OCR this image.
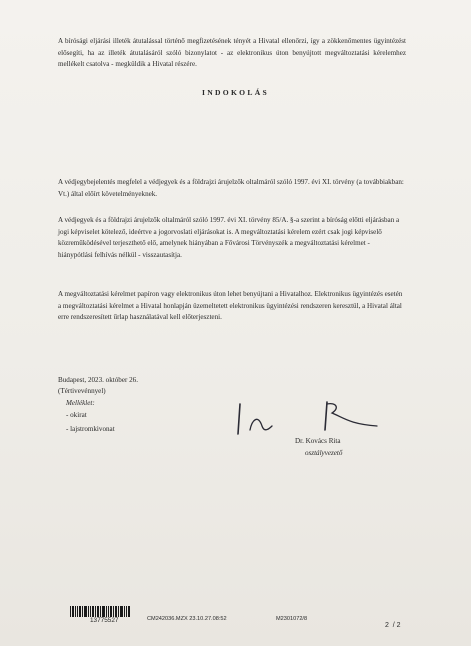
A bírósági eljárási illeték átutalással történő megfizetésének tényét a Hivatal ellenőrzi, így a zökkenőmentes ügyintézést elősegíti, ha az illeték átutalásáról szóló bizonylatot - az elektronikus úton benyújtott megváltoztatási kérelemhez mellékelt csatolva - megküldik a Hivatal részére.
INDOKOLÁS
A védjegybejelentés megfelel a védjegyek és a földrajzi árujelzők oltalmáról szóló 1997. évi XI. törvény (a továbbiakban: Vt.) által előírt követelményeknek.
A védjegyek és a földrajzi árujelzők oltalmáról szóló 1997. évi XI. törvény 85/A. §-a szerint a bíróság előtti eljárásban a jogi képviselet kötelező, ideértve a jogorvoslati eljárásokat is. A megváltoztatási kérelem ezért csak jogi képviselő közreműködésével terjeszthető elő, amelynek hiányában a Fővárosi Törvényszék a megváltoztatási kérelmet - hiánypótlási felhívás nélkül - visszautasítja.
A megváltoztatási kérelmet papíron vagy elektronikus úton lehet benyújtani a Hivatalhoz. Elektronikus ügyintézés esetén a megváltoztatási kérelmet a Hivatal honlapján üzemeltetett elektronikus ügyintézési rendszeren keresztül, a Hivatal által erre rendszeresített űrlap használatával kell előterjeszteni.
Budapest, 2023. október 26.
(Tértivevénnyel)
Melléklet:
- okirat
- lajstromkivonat
Dr. Kovács Rita
osztályvezető
13775527	CM242036.MZX 23.10.27.08:52	M2301072/8
2 / 2
